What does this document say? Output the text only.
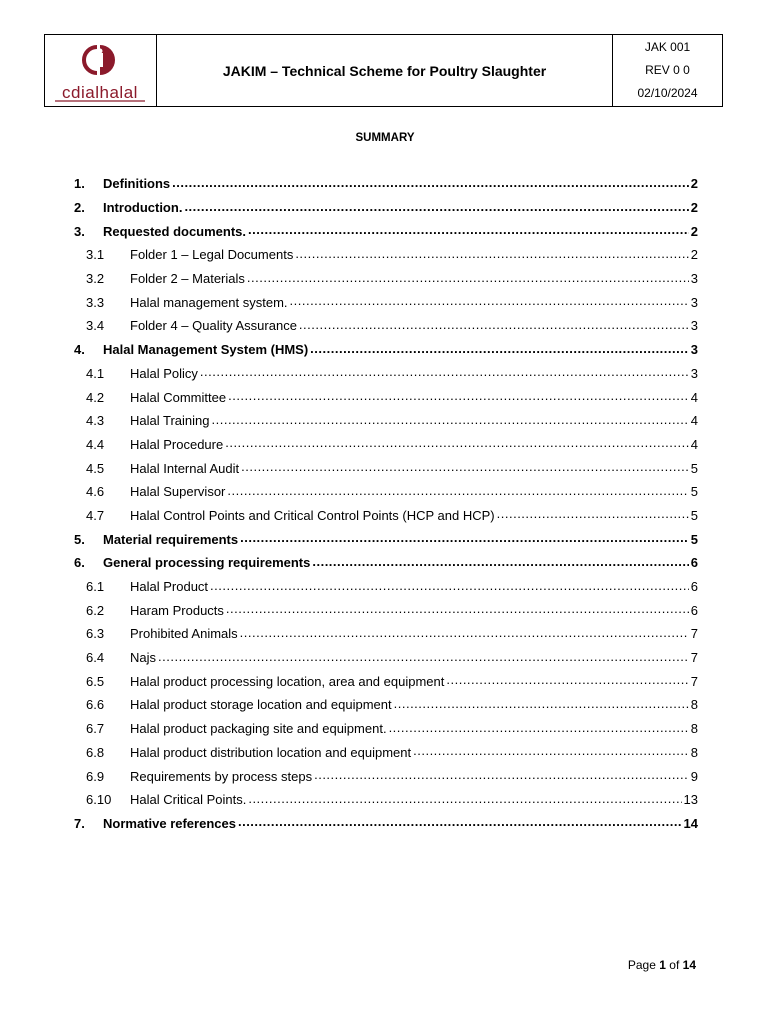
cdialhalal
JAKIM – Technical Scheme for Poultry Slaughter
JAK 001
REV 0 0
02/10/2024
SUMMARY
1.	Definitions .....	2
2.	Introduction. .....	2
3.	Requested documents. .....	2
3.1	Folder 1 – Legal Documents .....	2
3.2	Folder 2 – Materials .....	3
3.3	Halal management system. .....	3
3.4	Folder 4 – Quality Assurance .....	3
4.	Halal Management System (HMS) .....	3
4.1	Halal Policy .....	3
4.2	Halal Committee .....	4
4.3	Halal Training .....	4
4.4	Halal Procedure .....	4
4.5	Halal Internal Audit .....	5
4.6	Halal Supervisor .....	5
4.7	Halal Control Points and Critical Control Points (HCP and HCP) .....	5
5.	Material requirements .....	5
6.	General processing requirements .....	6
6.1	Halal Product .....	6
6.2	Haram Products .....	6
6.3	Prohibited Animals .....	7
6.4	Najs .....	7
6.5	Halal product processing location, area and equipment .....	7
6.6	Halal product storage location and equipment .....	8
6.7	Halal product packaging site and equipment. .....	8
6.8	Halal product distribution location and equipment .....	8
6.9	Requirements by process steps .....	9
6.10	Halal Critical Points. .....	13
7.	Normative references .....	14
Page 1 of 14
